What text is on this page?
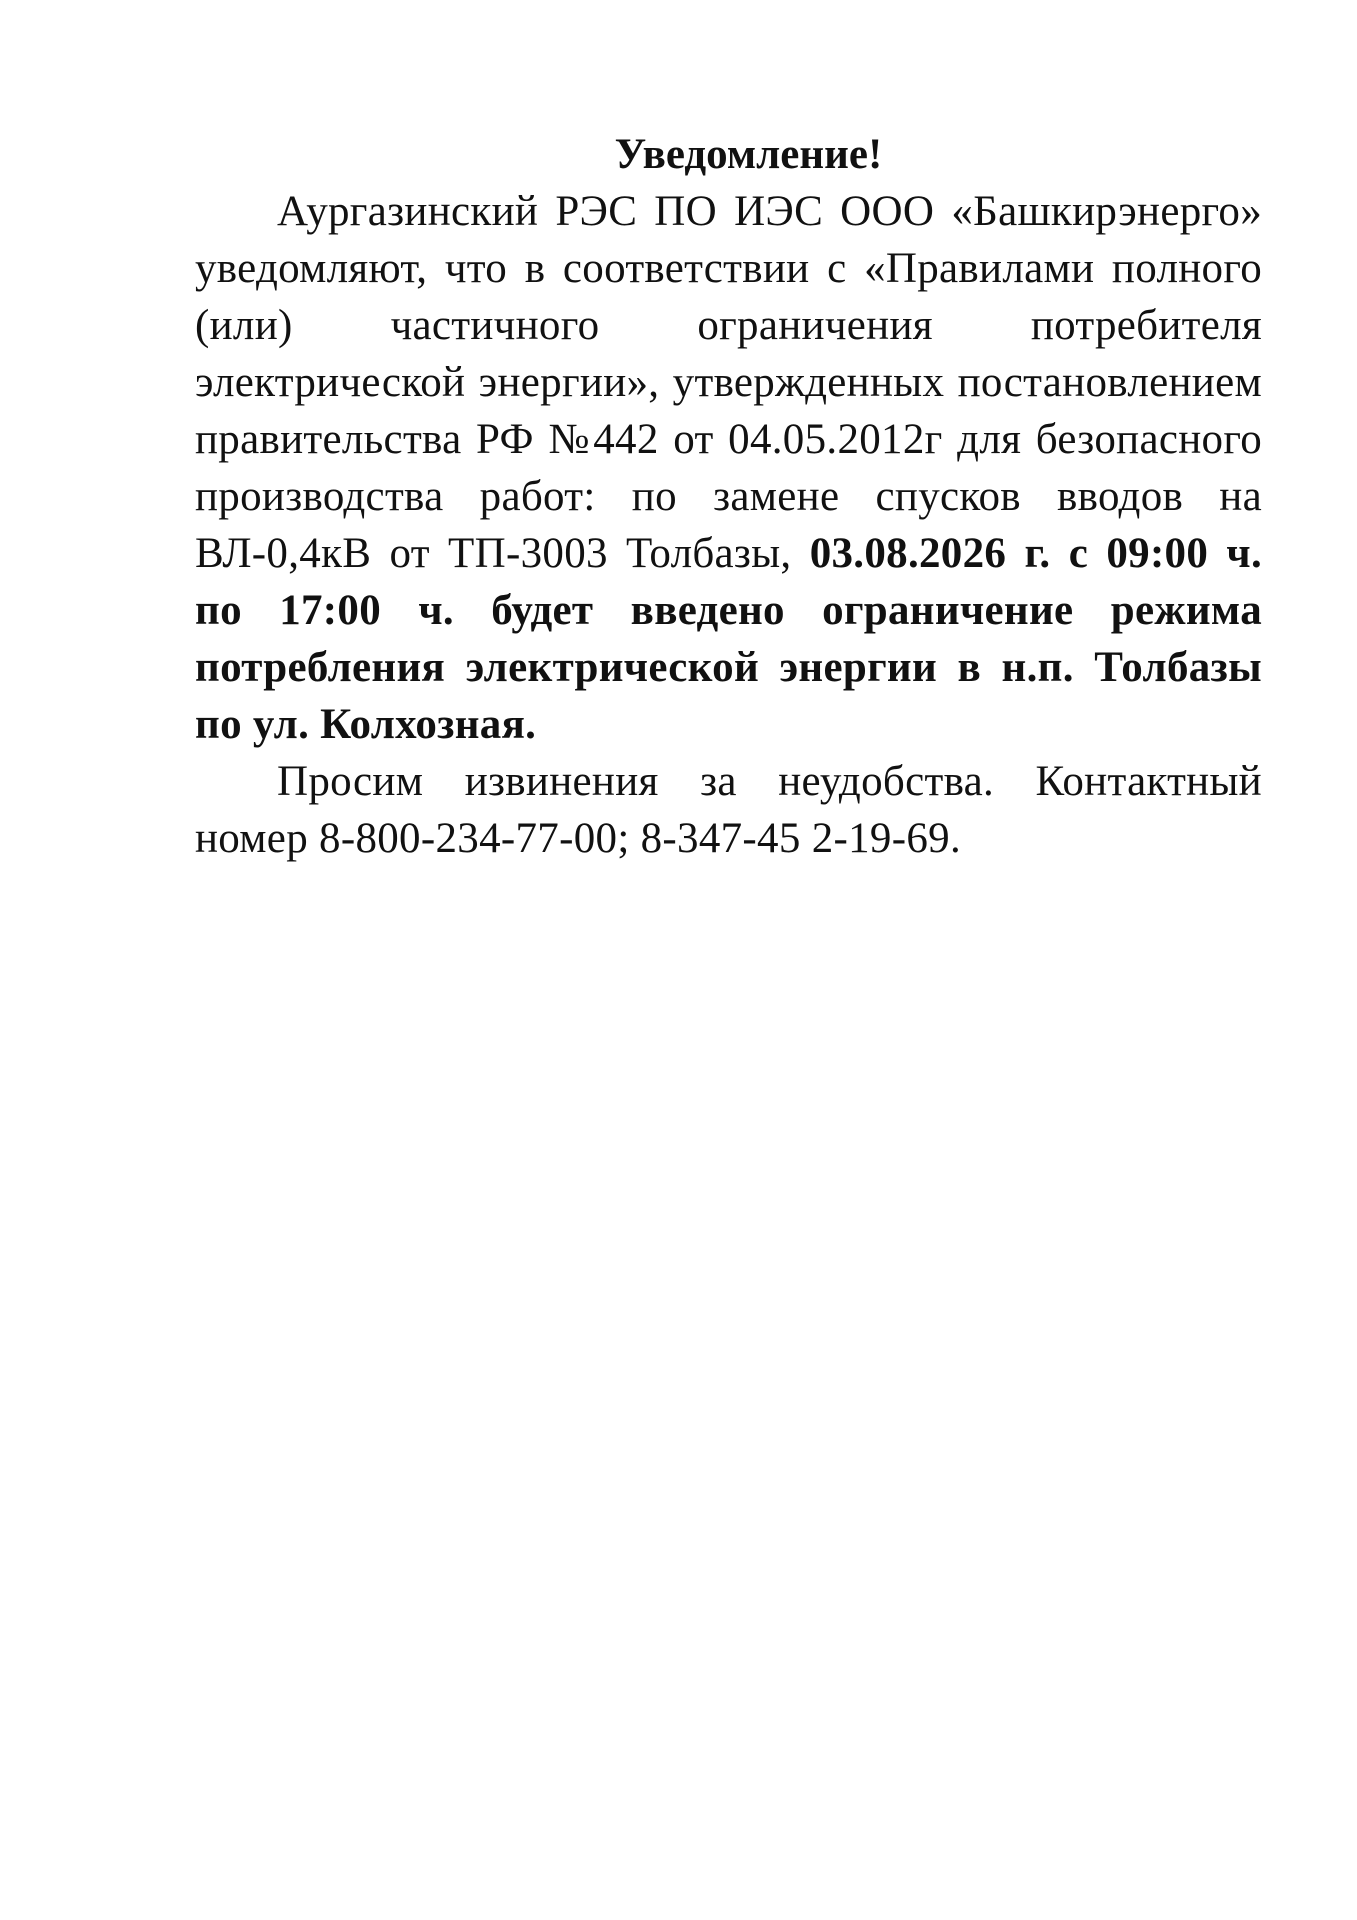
Уведомление!

Аургазинский РЭС ПО ИЭС ООО «Башкирэнерго» уведомляют, что в соответствии с «Правилами полного (или) частичного ограничения потребителя электрической энергии», утвержденных постановлением правительства РФ №442 от 04.05.2012г для безопасного производства работ: по замене спусков вводов на ВЛ-0,4кВ от ТП-3003 Толбазы, 03.08.2026 г. с 09:00 ч. по 17:00 ч. будет введено ограничение режима потребления электрической энергии в н.п. Толбазы по ул. Колхозная.

Просим извинения за неудобства. Контактный номер 8-800-234-77-00; 8-347-45 2-19-69.
